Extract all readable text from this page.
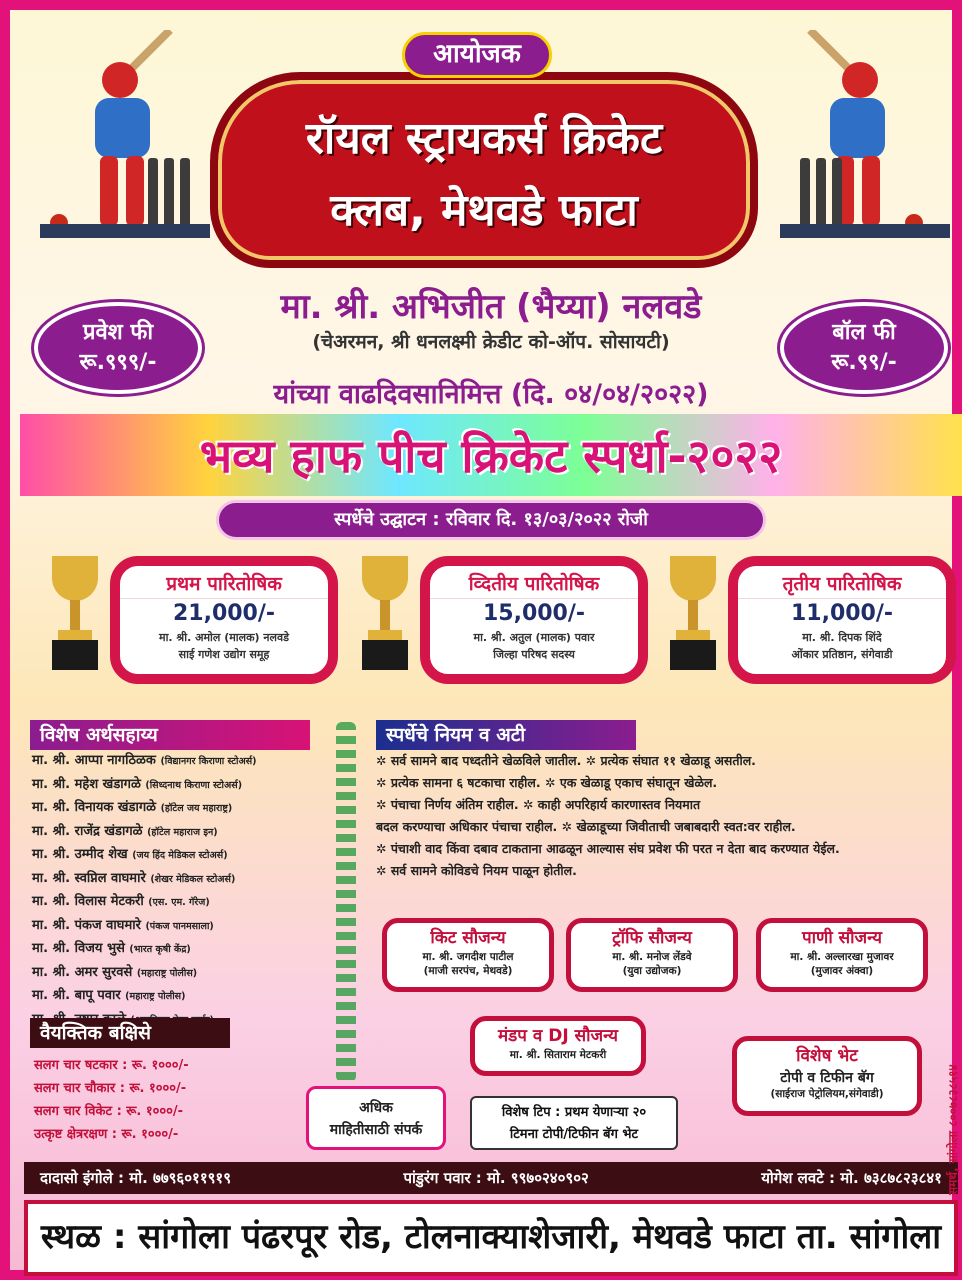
रॉयल स्ट्रायकर्स क्रिकेट
क्लब, मेथवडे फाटा
आयोजक
प्रवेश फी
रू.९९९/-
बॉल फी
रू.९९/-
मा. श्री. अभिजीत (भैय्या) नलवडे
(चेअरमन, श्री धनलक्ष्मी क्रेडीट को-ऑप. सोसायटी)
यांच्या वाढदिवसानिमित्त (दि. ०४/०४/२०२२)
भव्य हाफ पीच क्रिकेट स्पर्धा-२०२२
स्पर्धेचे उद्घाटन : रविवार दि. १३/०३/२०२२ रोजी
प्रथम पारितोषिक
21,000/-
मा. श्री. अमोल (मालक) नलवडे
साई गणेश उद्योग समूह
व्दितीय पारितोषिक
15,000/-
मा. श्री. अतुल (मालक) पवार
जिल्हा परिषद सदस्य
तृतीय पारितोषिक
11,000/-
मा. श्री. दिपक शिंदे
ओंकार प्रतिष्ठान, संगेवाडी
विशेष अर्थसहाय्य
मा. श्री. आप्पा नागठिळक (विद्यानगर किराणा स्टोअर्स)
मा. श्री. महेश खंडागळे (सिध्दनाथ किराणा स्टोअर्स)
मा. श्री. विनायक खंडागळे (हॉटेल जय महाराष्ट्र)
मा. श्री. राजेंद्र खंडागळे (हॉटेल महाराज इन)
मा. श्री. उम्मीद शेख (जय हिंद मेडिकल स्टोअर्स)
मा. श्री. स्वप्निल वाघमारे (शेखर मेडिकल स्टोअर्स)
मा. श्री. विलास मेटकरी (एस. एम. गॅरेज)
मा. श्री. पंकज वाघमारे (पंकज पानमसाला)
मा. श्री. विजय भुसे (भारत कृषी केंद्र)
मा. श्री. अमर सुरवसे (महाराष्ट्र पोलीस)
मा. श्री. बापू पवार (महाराष्ट्र पोलीस)
स्पर्धेचे नियम व अटी
✲ सर्व सामने बाद पध्दतीने खेळविले जातील. ✲ प्रत्येक संघात ११ खेळाडू असतील.
✲ प्रत्येक सामना ६ षटकाचा राहील. ✲ एक खेळाडू एकाच संघातून खेळेल.
✲ पंचाचा निर्णय अंतिम राहील. ✲ काही अपरिहार्य कारणास्तव नियमात
बदल करण्याचा अधिकार पंचाचा राहील. ✲ खेळाडूच्या जिवीताची जबाबदारी स्वत:वर राहील.
✲ पंचाशी वाद किंवा दबाव टाकताना आढळून आल्यास संघ प्रवेश फी परत न देता बाद करण्यात येईल.
✲ सर्व सामने कोविडचे नियम पाळून होतील.
किट सौजन्य
मा. श्री. जगदीश पाटील
(माजी सरपंच, मेथवडे)
ट्रॉफि सौजन्य
मा. श्री. मनोज लेंडवे
(युवा उद्योजक)
पाणी सौजन्य
मा. श्री. अल्लारखा मुजावर
(मुजावर अंक्वा)
मंडप व DJ सौजन्य
मा. श्री. सिताराम मेटकरी	विशेष भेट
टोपी व टिफीन बॅग
(साईराज पेट्रोलियम,संगेवाडी)
वैयक्तिक बक्षिसे
सलग चार षटकार : रू. १०००/-
सलग चार चौकार : रू. १०००/-
सलग चार विकेट : रू. १०००/-
उत्कृष्ट क्षेत्ररक्षण : रू. १०००/-
अधिक
माहितीसाठी संपर्क
विशेष टिप : प्रथम येणाऱ्या २०
टिमना टोपी/टिफीन बॅग भेट
दादासो इंगोले : मो. ७७९६०११९१९	पांडुरंग पवार : मो. ९९७०२४०९०२	योगेश लवटे : मो. ७३८७८२३८४१
स्थळ : सांगोला पंढरपूर रोड, टोलनाक्याशेजारी, मेथवडे फाटा ता. सांगोला
समर्थ, सांगोला ८००७८३८५१४
